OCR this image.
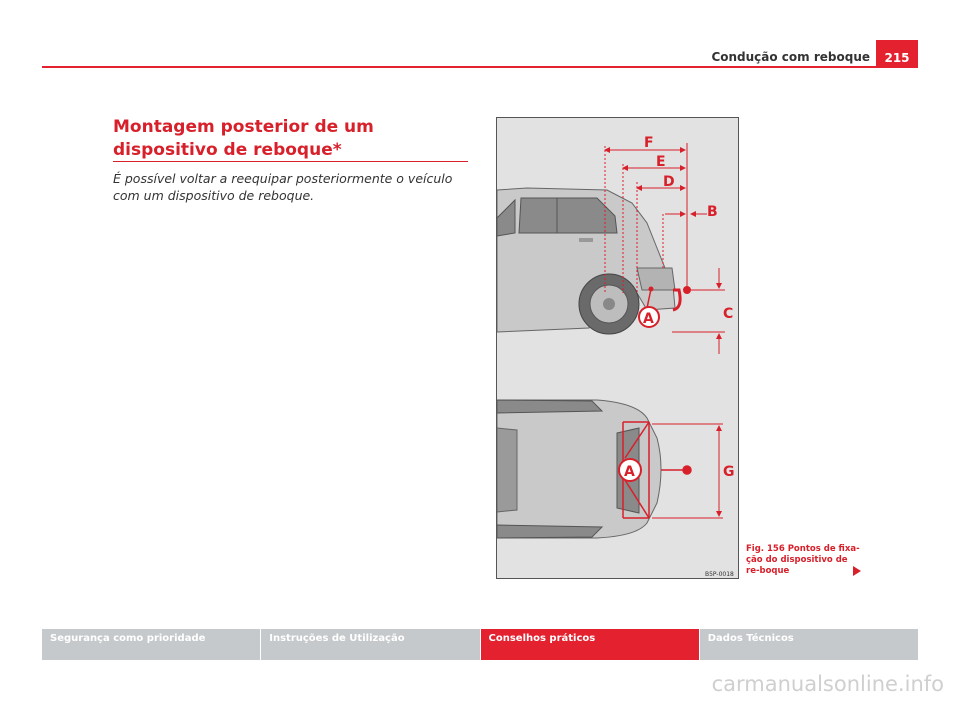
Condução com reboque	215
Montagem posterior de um dispositivo de reboque*
É possível voltar a reequipar posteriormente o veículo com um dispositivo de reboque.
F
E
D
B
C
A
G
A
B5P-0018
Fig. 156 Pontos de fixa-ção do dispositivo de re-boque
Segurança como prioridade	Instruções de Utilização	Conselhos práticos	Dados Técnicos
carmanualsonline.info
